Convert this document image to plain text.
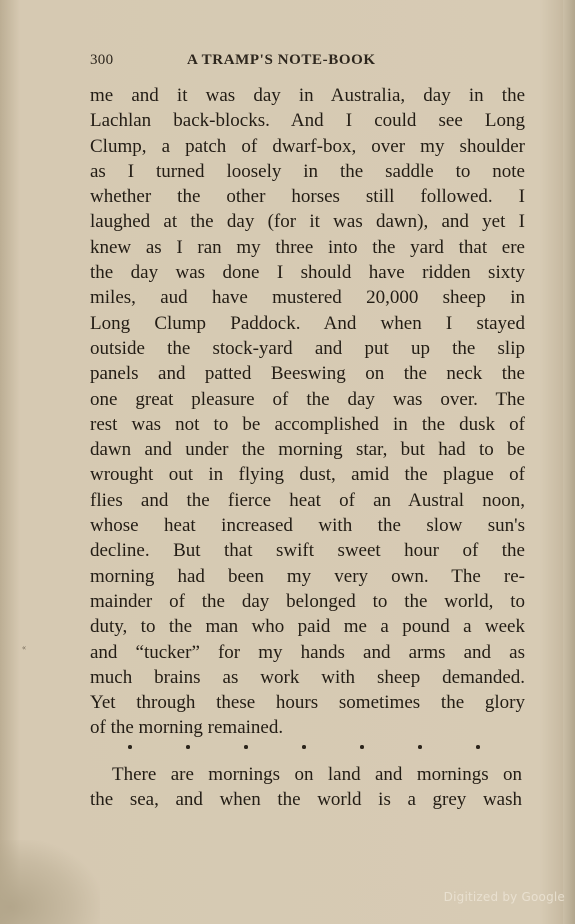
300	A TRAMP'S NOTE-BOOK
me and it was day in Australia, day in the
Lachlan back-blocks. And I could see Long
Clump, a patch of dwarf-box, over my shoulder
as I turned loosely in the saddle to note
whether the other horses still followed. I
laughed at the day (for it was dawn), and yet I
knew as I ran my three into the yard that ere
the day was done I should have ridden sixty
miles, aud have mustered 20,000 sheep in
Long Clump Paddock. And when I stayed
outside the stock-yard and put up the slip
panels and patted Beeswing on the neck the
one great pleasure of the day was over. The
rest was not to be accomplished in the dusk of
dawn and under the morning star, but had to be
wrought out in flying dust, amid the plague of
flies and the fierce heat of an Austral noon,
whose heat increased with the slow sun's
decline. But that swift sweet hour of the
morning had been my very own. The re-
mainder of the day belonged to the world, to
duty, to the man who paid me a pound a week
and “tucker” for my hands and arms and as
much brains as work with sheep demanded.
Yet through these hours sometimes the glory
of the morning remained.
There are mornings on land and mornings on
the sea, and when the world is a grey wash
«
Digitized by Google
